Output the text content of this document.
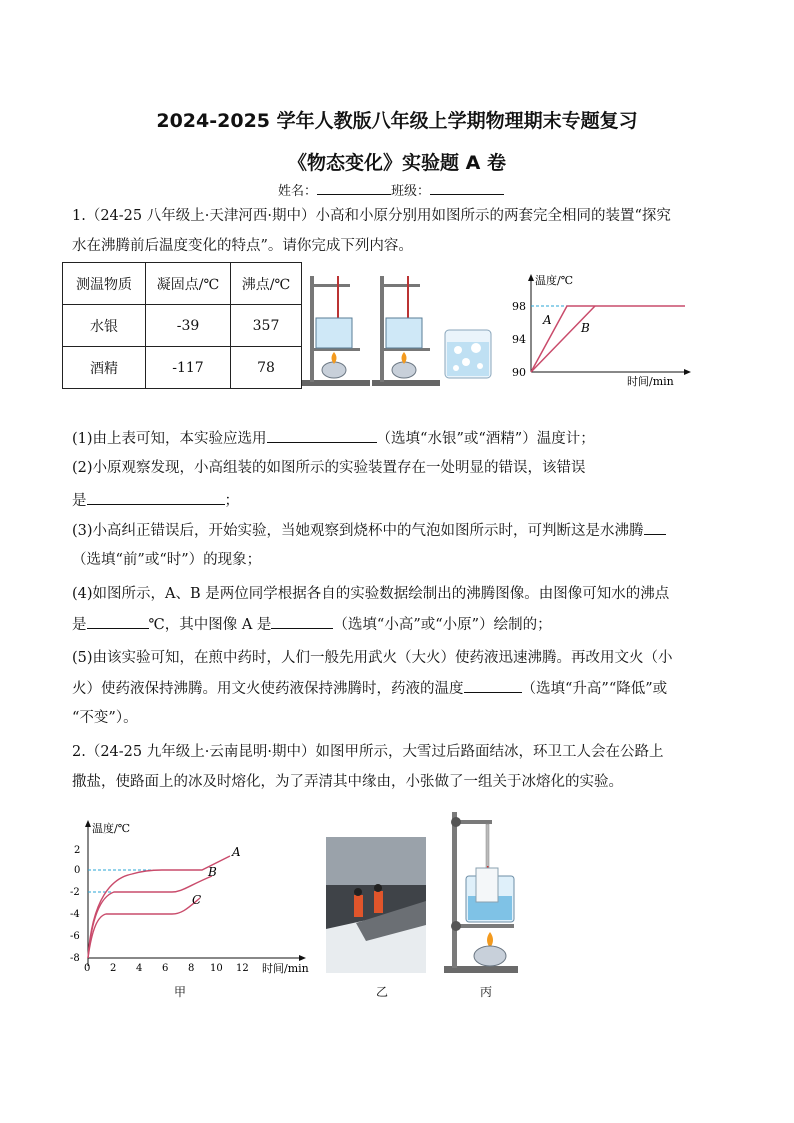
2024-2025 学年人教版八年级上学期物理期末专题复习
《物态变化》实验题 A 卷
姓名：	班级：
1.（24-25 八年级上·天津河西·期中）小高和小原分别用如图所示的两套完全相同的装置“探究
水在沸腾前后温度变化的特点”。请你完成下列内容。
测温物质	凝固点/℃	沸点/℃
水银	-39	357
酒精	-117	78
温度/℃
时间/min
98
94
90
A
B
(1)由上表可知，本实验应选用	（选填“水银”或“酒精”）温度计；
(2)小原观察发现，小高组装的如图所示的实验装置存在一处明显的错误，该错误
是	；
(3)小高纠正错误后，开始实验，当她观察到烧杯中的气泡如图所示时，可判断这是水沸腾
（选填“前”或“时”）的现象；
(4)如图所示，A、B 是两位同学根据各自的实验数据绘制出的沸腾图像。由图像可知水的沸点
是	℃，其中图像 A 是	（选填“小高”或“小原”）绘制的；
(5)由该实验可知，在煎中药时，人们一般先用武火（大火）使药液迅速沸腾。再改用文火（小
火）使药液保持沸腾。用文火使药液保持沸腾时，药液的温度	（选填“升高”“降低”或
“不变”）。
2.（24-25 九年级上·云南昆明·期中）如图甲所示，大雪过后路面结冰，环卫工人会在公路上
撒盐，使路面上的冰及时熔化，为了弄清其中缘由，小张做了一组关于冰熔化的实验。
温度/℃
时间/min
2
0
-2
-4
-6
-8
0 2 4 6 8 10 12
A
B
C
甲	乙	丙
